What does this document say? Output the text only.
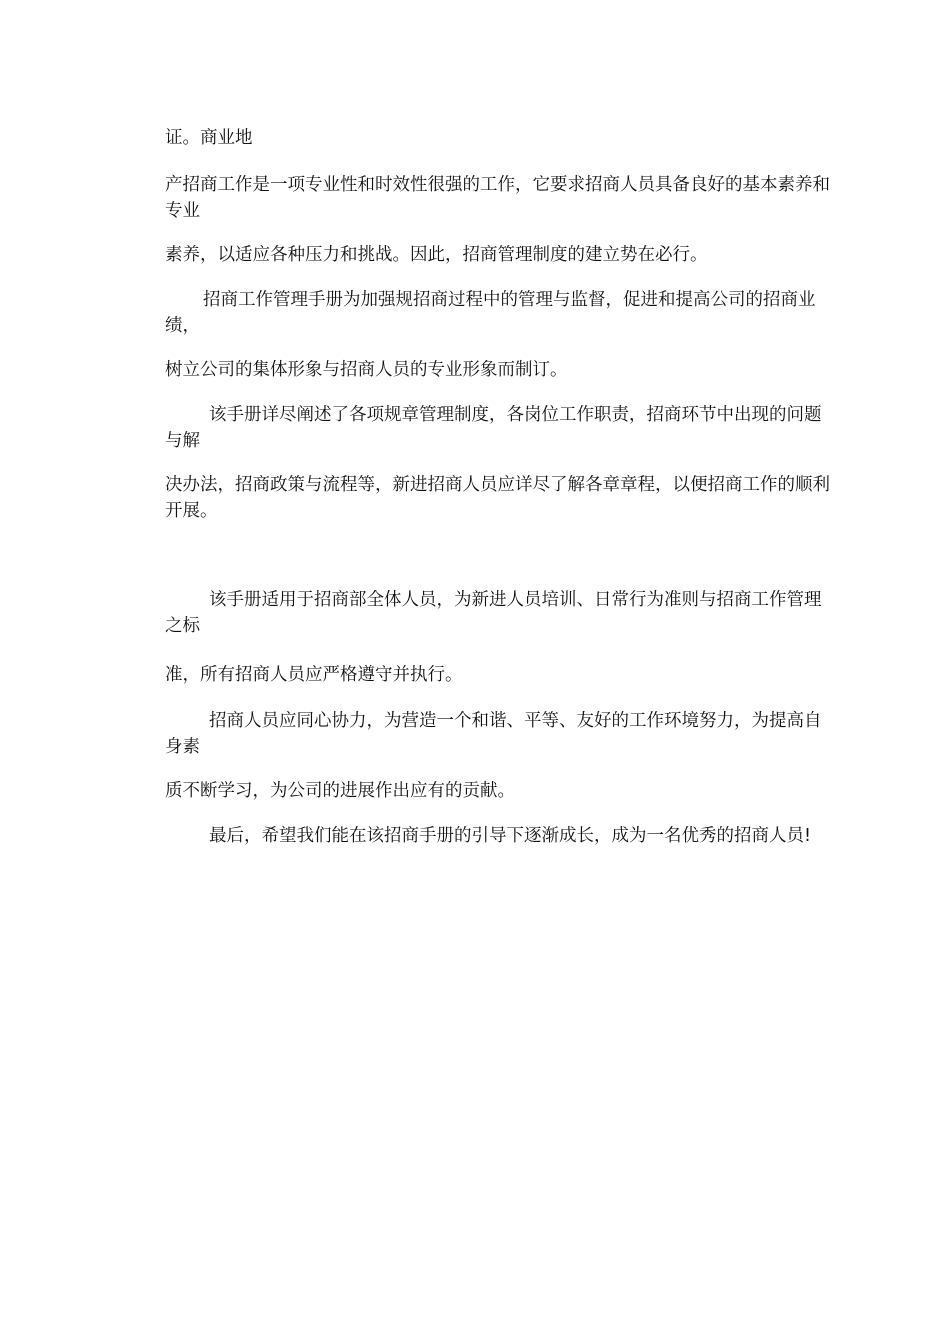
证。商业地

产招商工作是一项专业性和时效性很强的工作，它要求招商人员具备良好的基本素养和专业

素养，以适应各种压力和挑战。因此，招商管理制度的建立势在必行。

招商工作管理手册为加强规招商过程中的管理与监督，促进和提高公司的招商业绩，

树立公司的集体形象与招商人员的专业形象而制订。

该手册详尽阐述了各项规章管理制度，各岗位工作职责，招商环节中出现的问题与解

决办法，招商政策与流程等，新进招商人员应详尽了解各章章程，以便招商工作的顺利开展。

该手册适用于招商部全体人员，为新进人员培训、日常行为准则与招商工作管理之标

准，所有招商人员应严格遵守并执行。

招商人员应同心协力，为营造一个和谐、平等、友好的工作环境努力，为提高自身素

质不断学习，为公司的进展作出应有的贡献。

最后，希望我们能在该招商手册的引导下逐渐成长，成为一名优秀的招商人员!
